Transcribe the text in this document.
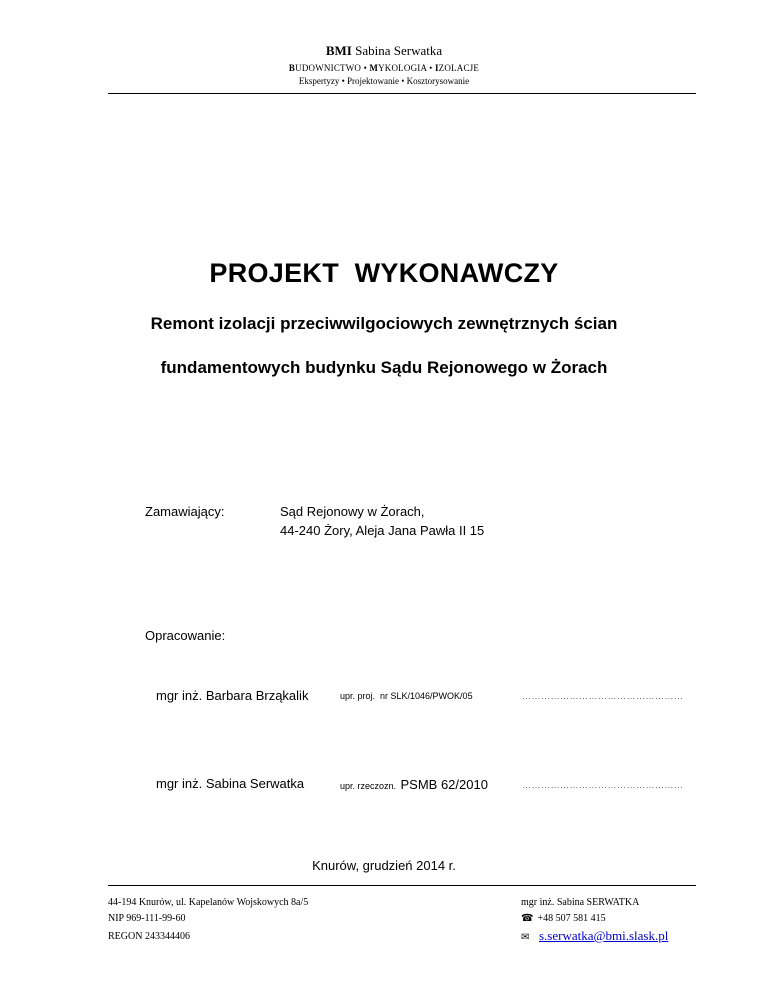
BMI Sabina Serwatka
BUDOWNICTWO • MYKOLOGIA • IZOLACJE
Ekspertyzy • Projektowanie • Kosztorysowanie
PROJEKT  WYKONAWCZY
Remont izolacji przeciwwilgociowych zewnętrznych ścian
fundamentowych budynku Sądu Rejonowego w Żorach
Zamawiający:	Sąd Rejonowy w Żorach,
44-240 Żory, Aleja Jana Pawła II 15
Opracowanie:
mgr inż. Barbara Brząkalik	upr. proj.  nr SLK/1046/PWOK/05	……………………………………………
mgr inż. Sabina Serwatka	upr. rzeczozn. PSMB 62/2010	……………………………………………
Knurów, grudzień 2014 r.
44-194 Knurów, ul. Kapelanów Wojskowych 8a/5
NIP 969-111-99-60
REGON 243344406
mgr inż. Sabina SERWATKA
☎ +48 507 581 415
✉ s.serwatka@bmi.slask.pl
